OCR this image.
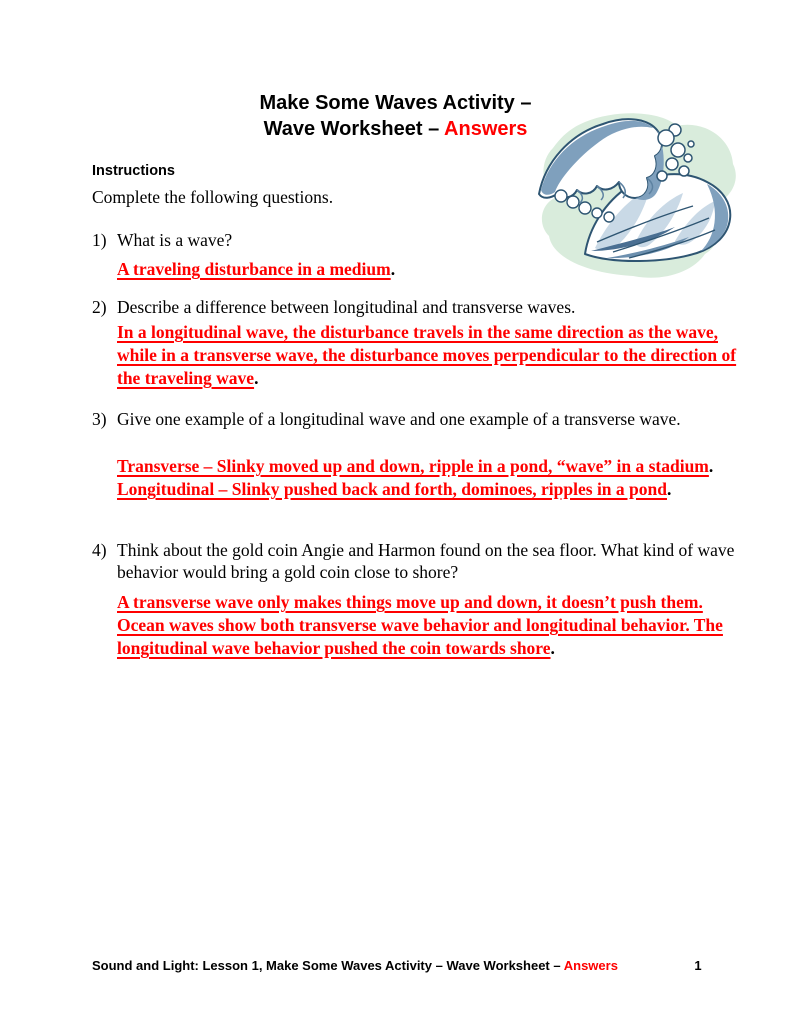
Make Some Waves Activity –
Wave Worksheet – Answers
Instructions
Complete the following questions.
1) What is a wave?
A traveling disturbance in a medium.
2) Describe a difference between longitudinal and transverse waves.
In a longitudinal wave, the disturbance travels in the same direction as the wave, while in a transverse wave, the disturbance moves perpendicular to the direction of the traveling wave.
3) Give one example of a longitudinal wave and one example of a transverse wave.
Transverse – Slinky moved up and down, ripple in a pond, “wave” in a stadium.
Longitudinal – Slinky pushed back and forth, dominoes, ripples in a pond.
4) Think about the gold coin Angie and Harmon found on the sea floor. What kind of wave behavior would bring a gold coin close to shore?
A transverse wave only makes things move up and down, it doesn’t push them. Ocean waves show both transverse wave behavior and longitudinal behavior. The longitudinal wave behavior pushed the coin towards shore.
Sound and Light: Lesson 1, Make Some Waves Activity – Wave Worksheet – Answers	1
